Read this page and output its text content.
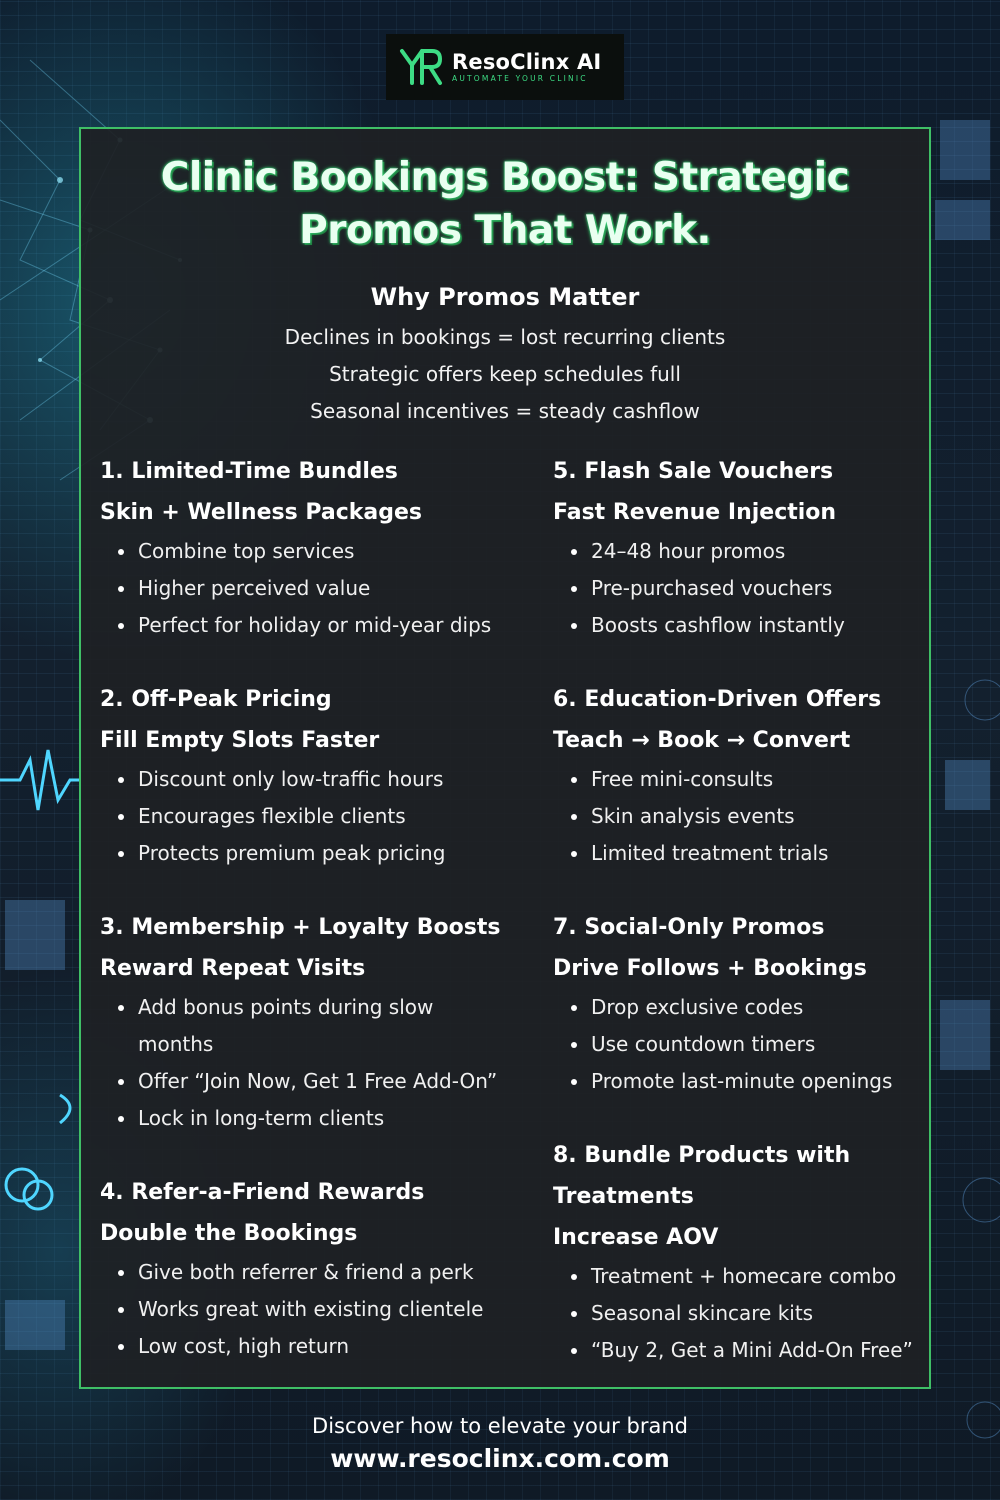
ResoClinx AI
AUTOMATE YOUR CLINIC
Clinic Bookings Boost: Strategic
Promos That Work.
Why Promos Matter
Declines in bookings = lost recurring clients
Strategic offers keep schedules full
Seasonal incentives = steady cashflow
1. Limited-Time Bundles
Skin + Wellness Packages
Combine top services
Higher perceived value
Perfect for holiday or mid-year dips
2. Off-Peak Pricing
Fill Empty Slots Faster
Discount only low-traffic hours
Encourages flexible clients
Protects premium peak pricing
3. Membership + Loyalty Boosts
Reward Repeat Visits
Add bonus points during slow months
Offer “Join Now, Get 1 Free Add-On”
Lock in long-term clients
4. Refer-a-Friend Rewards
Double the Bookings
Give both referrer & friend a perk
Works great with existing clientele
Low cost, high return
5. Flash Sale Vouchers
Fast Revenue Injection
24–48 hour promos
Pre-purchased vouchers
Boosts cashflow instantly
6. Education-Driven Offers
Teach → Book → Convert
Free mini-consults
Skin analysis events
Limited treatment trials
7. Social-Only Promos
Drive Follows + Bookings
Drop exclusive codes
Use countdown timers
Promote last-minute openings
8. Bundle Products with Treatments
Increase AOV
Treatment + homecare combo
Seasonal skincare kits
“Buy 2, Get a Mini Add-On Free”
Discover how to elevate your brand
www.resoclinx.com.com
